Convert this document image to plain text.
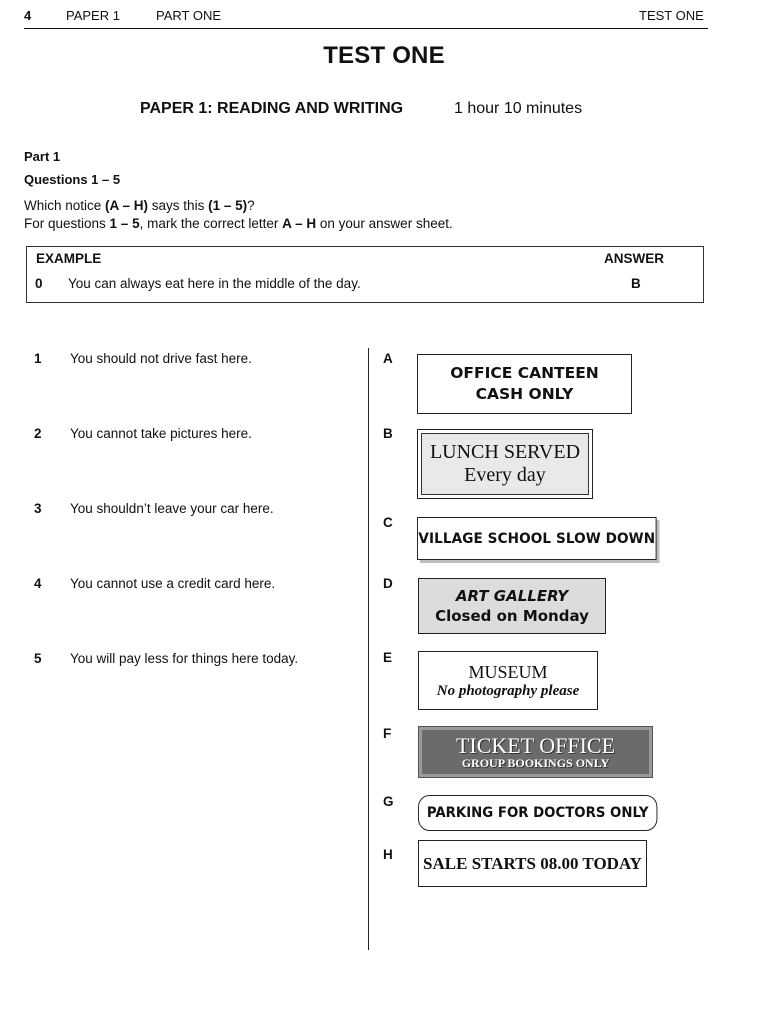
4	PAPER 1	PART ONE	TEST ONE
TEST ONE
PAPER 1: READING AND WRITING	1 hour 10 minutes
Part 1
Questions 1 – 5
Which notice (A – H) says this (1 – 5)?
For questions 1 – 5, mark the correct letter A – H on your answer sheet.
EXAMPLE	ANSWER
0 You can always eat here in the middle of the day.	B
1 You should not drive fast here.
2 You cannot take pictures here.
3 You shouldn’t leave your car here.
4 You cannot use a credit card here.
5 You will pay less for things here today.
A
B
C
D
E
F
G
H
OFFICE CANTEEN
CASH ONLY
LUNCH SERVED
Every day
VILLAGE SCHOOL SLOW DOWN
ART GALLERY
Closed on Monday
MUSEUM
No photography please
TICKET OFFICE
GROUP BOOKINGS ONLY
PARKING FOR DOCTORS ONLY
SALE STARTS 08.00 TODAY
